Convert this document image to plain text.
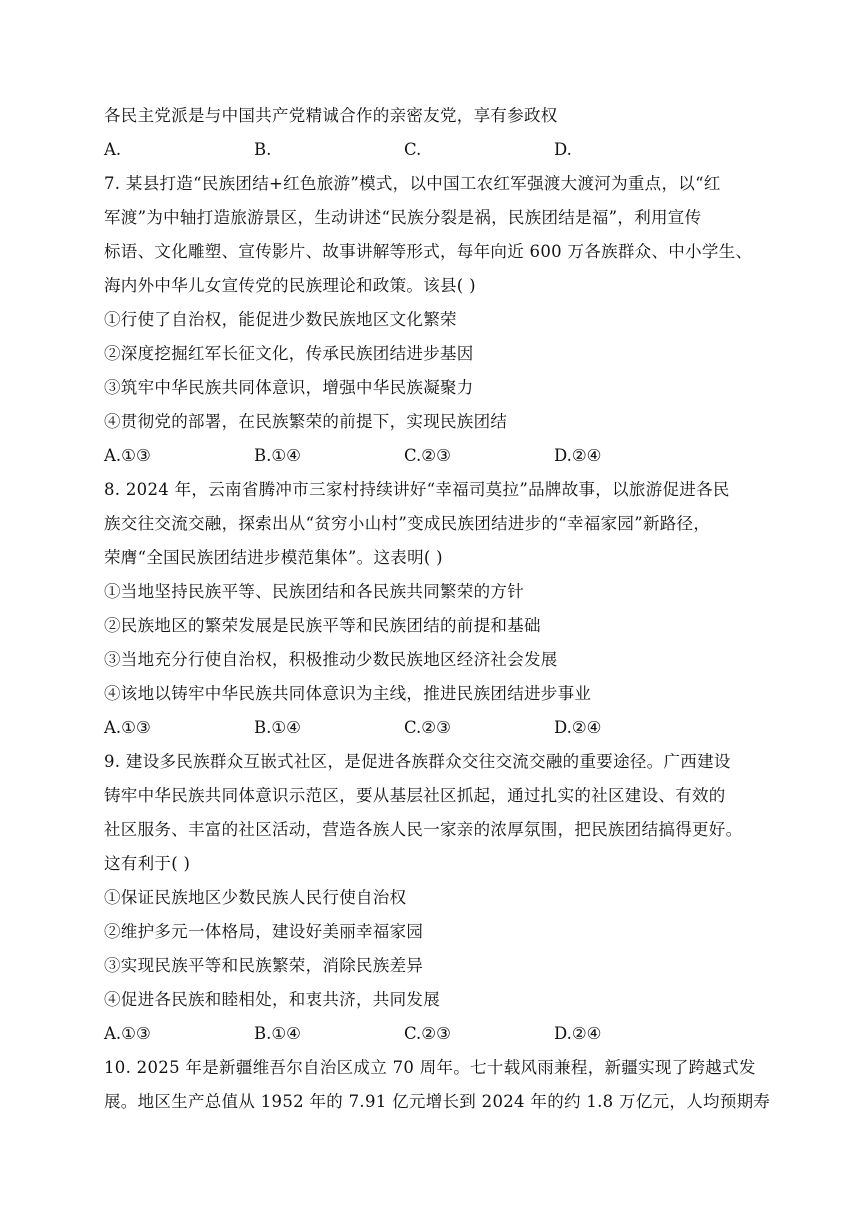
各民主党派是与中国共产党精诚合作的亲密友党，享有参政权
A.	B.	C.	D.
7. 某县打造“民族团结+红色旅游”模式，以中国工农红军强渡大渡河为重点，以“红
军渡”为中轴打造旅游景区，生动讲述“民族分裂是祸，民族团结是福”，利用宣传
标语、文化雕塑、宣传影片、故事讲解等形式，每年向近 600 万各族群众、中小学生、
海内外中华儿女宣传党的民族理论和政策。该县( )
①行使了自治权，能促进少数民族地区文化繁荣
②深度挖掘红军长征文化，传承民族团结进步基因
③筑牢中华民族共同体意识，增强中华民族凝聚力
④贯彻党的部署，在民族繁荣的前提下，实现民族团结
A.①③	B.①④	C.②③	D.②④
8. 2024 年，云南省腾冲市三家村持续讲好“幸福司莫拉”品牌故事，以旅游促进各民
族交往交流交融，探索出从“贫穷小山村”变成民族团结进步的“幸福家园”新路径，
荣膺“全国民族团结进步模范集体”。这表明( )
①当地坚持民族平等、民族团结和各民族共同繁荣的方针
②民族地区的繁荣发展是民族平等和民族团结的前提和基础
③当地充分行使自治权，积极推动少数民族地区经济社会发展
④该地以铸牢中华民族共同体意识为主线，推进民族团结进步事业
A.①③	B.①④	C.②③	D.②④
9. 建设多民族群众互嵌式社区，是促进各族群众交往交流交融的重要途径。广西建设
铸牢中华民族共同体意识示范区，要从基层社区抓起，通过扎实的社区建设、有效的
社区服务、丰富的社区活动，营造各族人民一家亲的浓厚氛围，把民族团结搞得更好。
这有利于( )
①保证民族地区少数民族人民行使自治权
②维护多元一体格局，建设好美丽幸福家园
③实现民族平等和民族繁荣，消除民族差异
④促进各民族和睦相处，和衷共济，共同发展
A.①③	B.①④	C.②③	D.②④
10. 2025 年是新疆维吾尔自治区成立 70 周年。七十载风雨兼程，新疆实现了跨越式发
展。地区生产总值从 1952 年的 7.91 亿元增长到 2024 年的约 1.8 万亿元，人均预期寿
